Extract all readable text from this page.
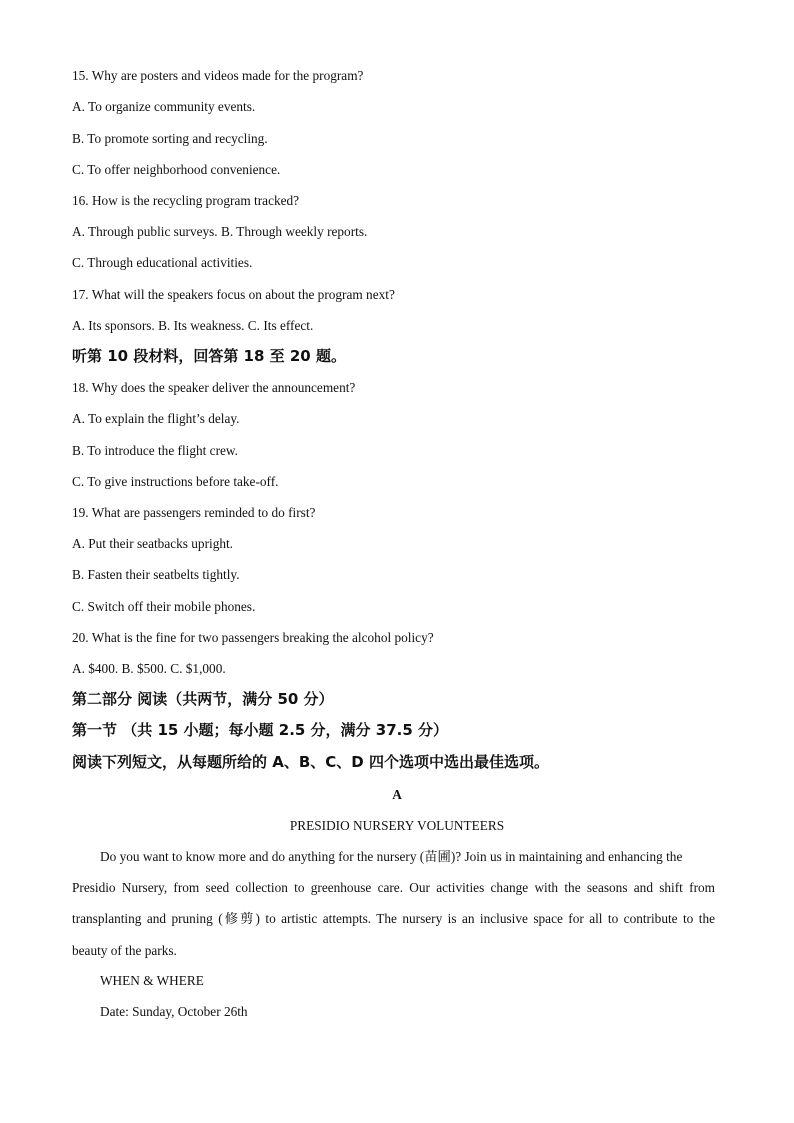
15. Why are posters and videos made for the program?
A. To organize community events.
B. To promote sorting and recycling.
C. To offer neighborhood convenience.
16. How is the recycling program tracked?
A. Through public surveys. B. Through weekly reports.
C. Through educational activities.
17. What will the speakers focus on about the program next?
A. Its sponsors. B. Its weakness. C. Its effect.
听第 10 段材料，回答第 18 至 20 题。
18. Why does the speaker deliver the announcement?
A. To explain the flight’s delay.
B. To introduce the flight crew.
C. To give instructions before take-off.
19. What are passengers reminded to do first?
A. Put their seatbacks upright.
B. Fasten their seatbelts tightly.
C. Switch off their mobile phones.
20. What is the fine for two passengers breaking the alcohol policy?
A. $400. B. $500. C. $1,000.
第二部分 阅读（共两节，满分 50 分）
第一节 （共 15 小题；每小题 2.5 分，满分 37.5 分）
阅读下列短文，从每题所给的 A、B、C、D 四个选项中选出最佳选项。
A
PRESIDIO NURSERY VOLUNTEERS
Do you want to know more and do anything for the nursery (苗圃)? Join us in maintaining and enhancing the
Presidio Nursery, from seed collection to greenhouse care. Our activities change with the seasons and shift from
transplanting and pruning (修剪) to artistic attempts. The nursery is an inclusive space for all to contribute to the
beauty of the parks.
WHEN & WHERE
Date: Sunday, October 26th
